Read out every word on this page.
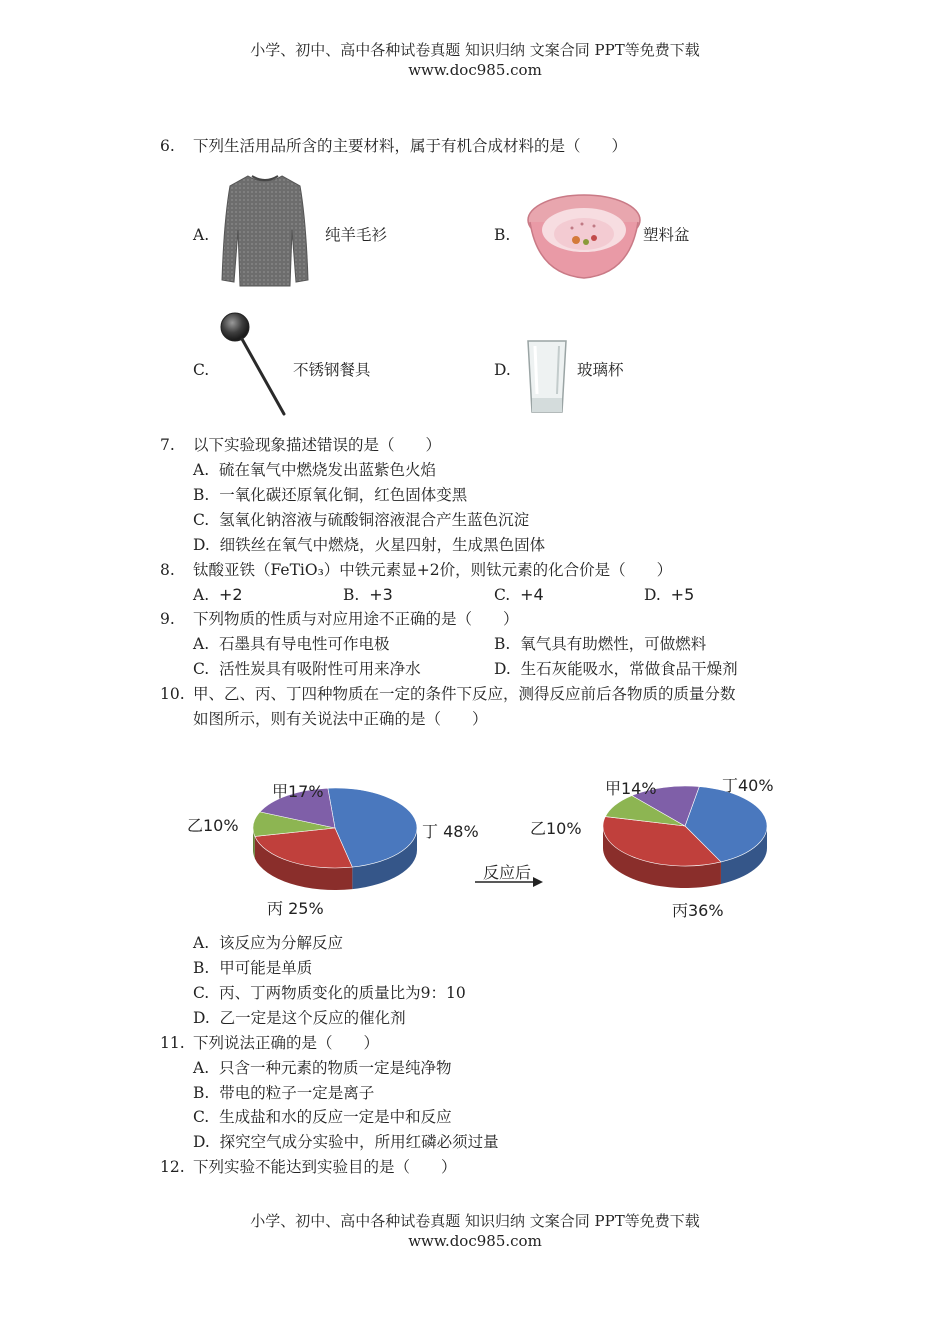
小学、初中、高中各种试卷真题 知识归纳 文案合同 PPT等免费下载
www.doc985.com
6. 下列生活用品所含的主要材料，属于有机合成材料的是（　　）
A.	纯羊毛衫	B.	塑料盆
C.	不锈钢餐具	D.	玻璃杯
7. 以下实验现象描述错误的是（　　）
A. 硫在氧气中燃烧发出蓝紫色火焰
B. 一氧化碳还原氧化铜，红色固体变黑
C. 氢氧化钠溶液与硫酸铜溶液混合产生蓝色沉淀
D. 细铁丝在氧气中燃烧，火星四射，生成黑色固体
8. 钛酸亚铁（FeTiO₃）中铁元素显+2价，则钛元素的化合价是（　　）
A. +2	B. +3	C. +4	D. +5
9. 下列物质的性质与对应用途不正确的是（　　）
A. 石墨具有导电性可作电极	B. 氧气具有助燃性，可做燃料
C. 活性炭具有吸附性可用来净水	D. 生石灰能吸水，常做食品干燥剂
10. 甲、乙、丙、丁四种物质在一定的条件下反应，测得反应前后各物质的质量分数
如图所示，则有关说法中正确的是（　　）
甲17%
乙10%
丙 25%
丁 48%
反应后
甲14%
乙10%
丙36%
丁40%
A. 该反应为分解反应
B. 甲可能是单质
C. 丙、丁两物质变化的质量比为9：10
D. 乙一定是这个反应的催化剂
11. 下列说法正确的是（　　）
A. 只含一种元素的物质一定是纯净物
B. 带电的粒子一定是离子
C. 生成盐和水的反应一定是中和反应
D. 探究空气成分实验中，所用红磷必须过量
12. 下列实验不能达到实验目的是（　　）
小学、初中、高中各种试卷真题 知识归纳 文案合同 PPT等免费下载
www.doc985.com
